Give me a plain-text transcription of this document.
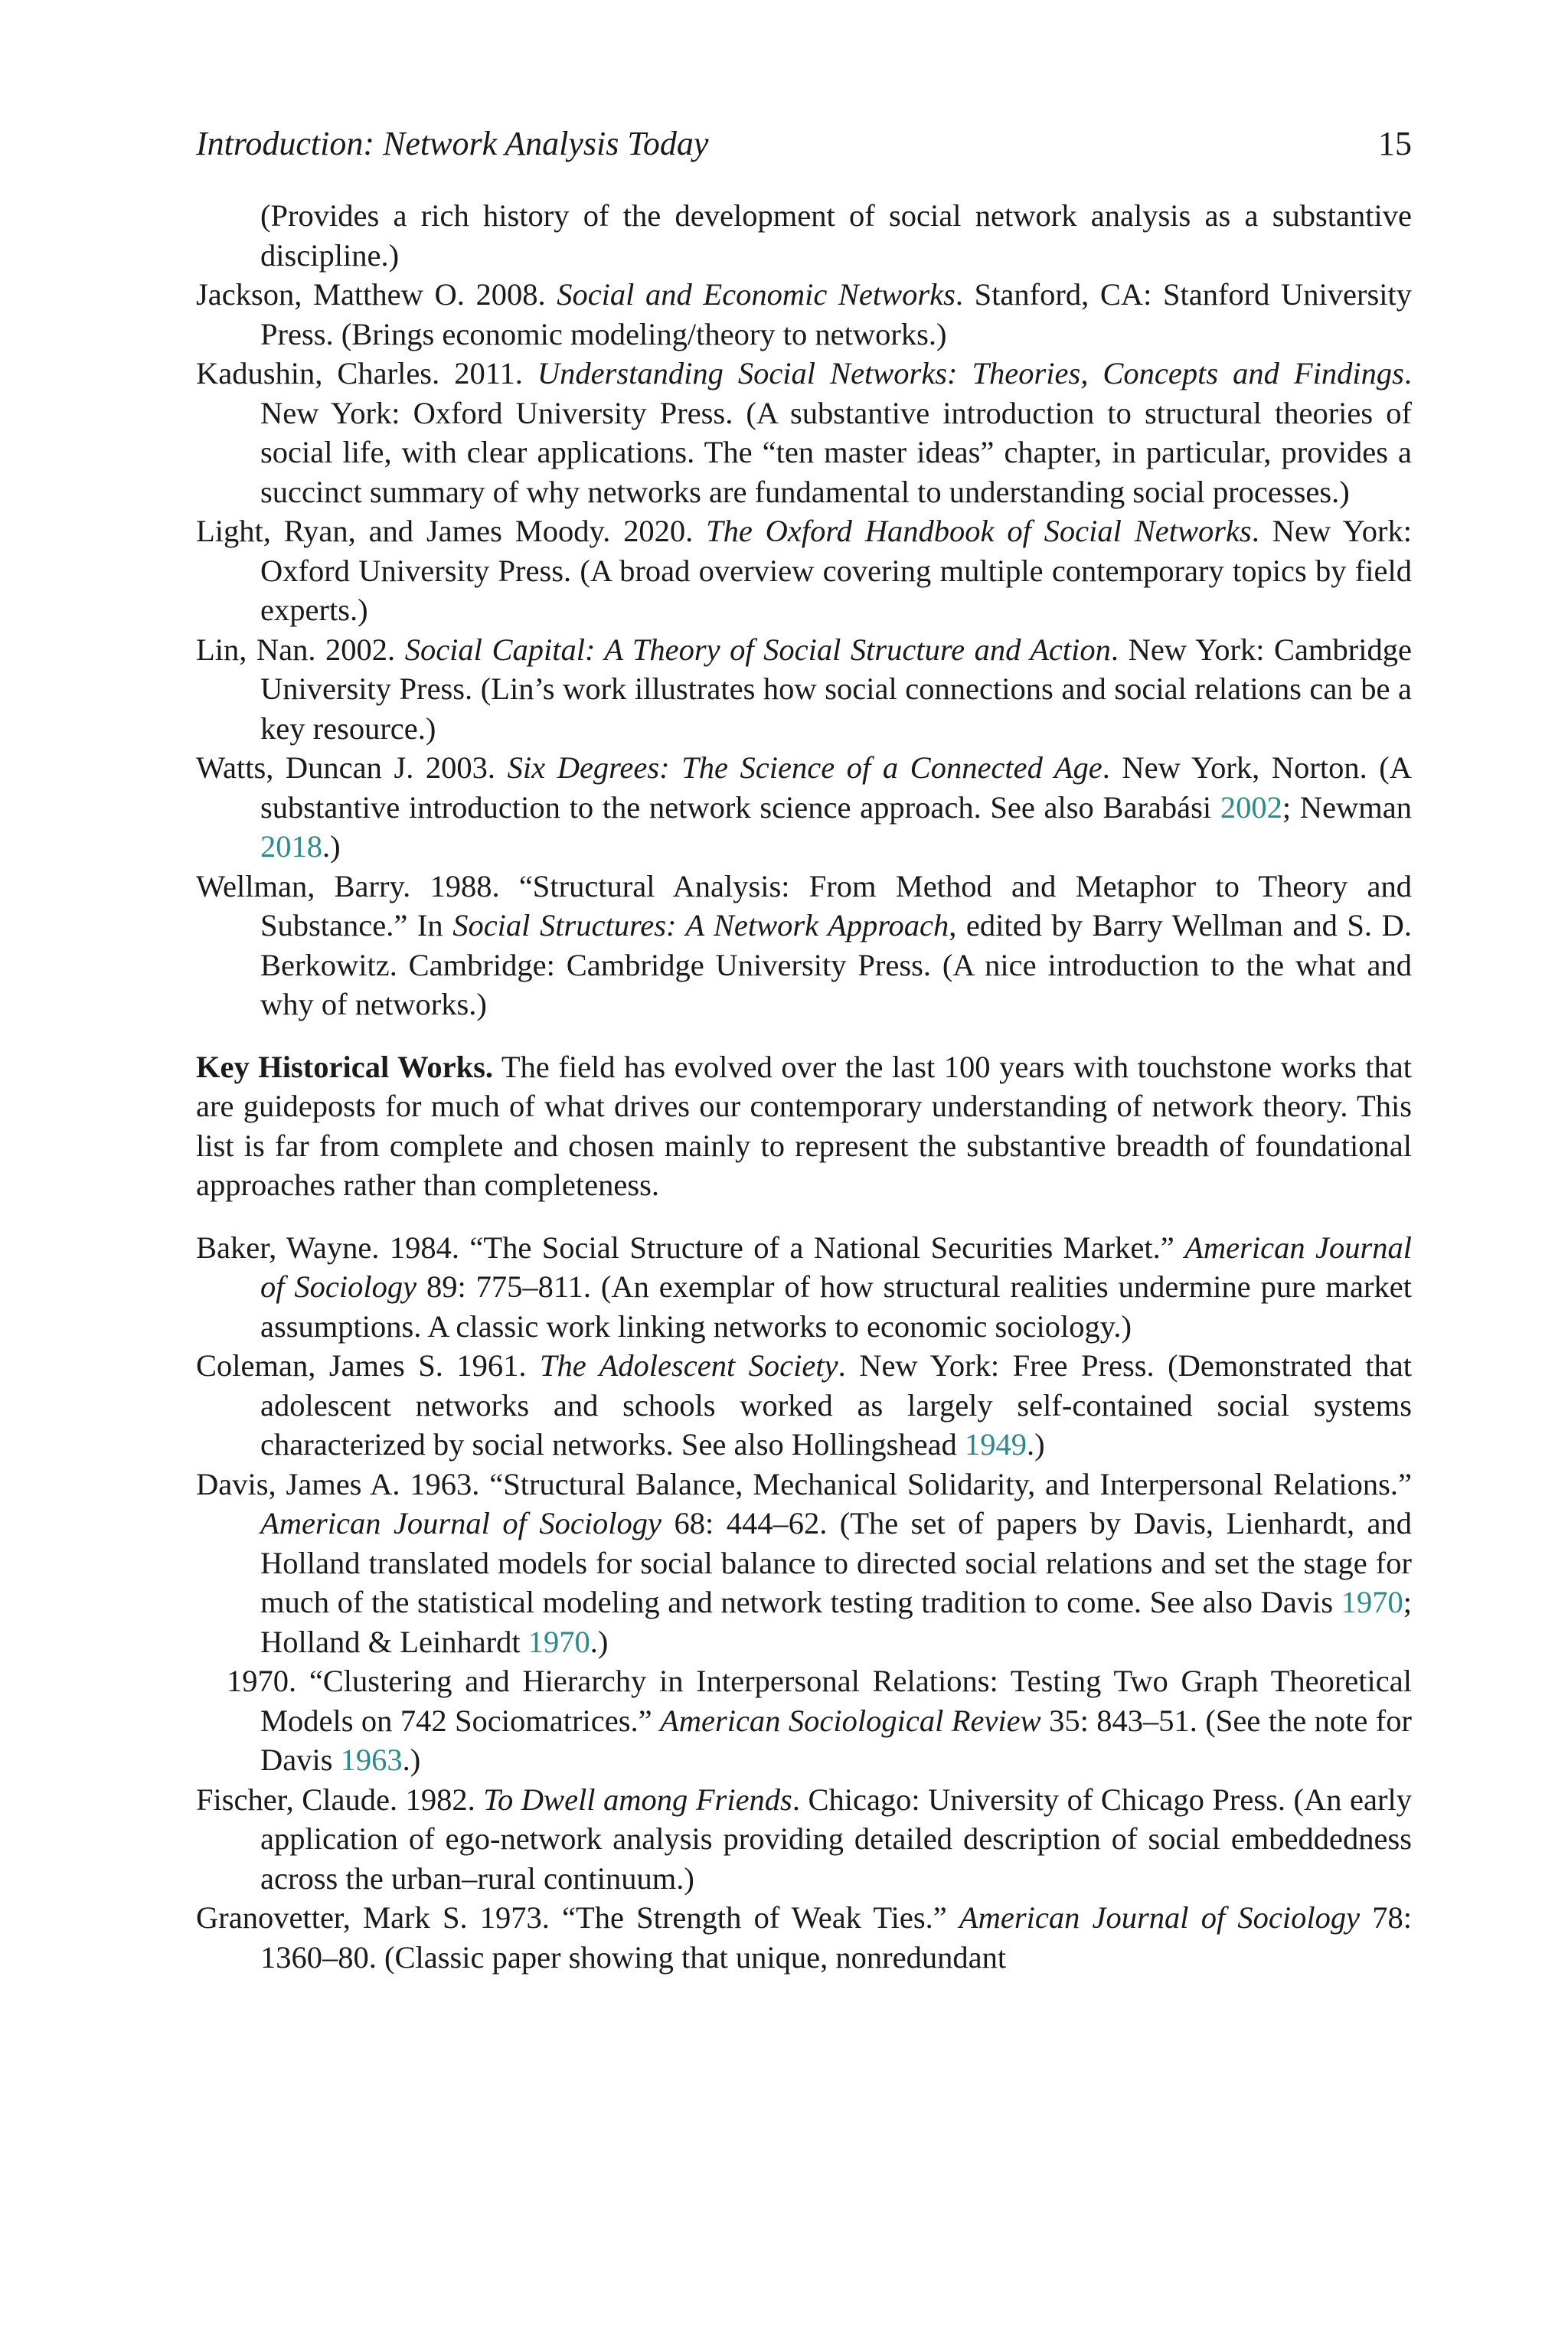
Introduction: Network Analysis Today	15

(Provides a rich history of the development of social network analysis as a substantive discipline.)

Jackson, Matthew O. 2008. Social and Economic Networks. Stanford, CA: Stanford University Press. (Brings economic modeling/theory to networks.)

Kadushin, Charles. 2011. Understanding Social Networks: Theories, Concepts and Findings. New York: Oxford University Press. (A substantive introduction to structural theories of social life, with clear applications. The “ten master ideas” chapter, in particular, provides a succinct summary of why networks are fundamental to understanding social processes.)

Light, Ryan, and James Moody. 2020. The Oxford Handbook of Social Networks. New York: Oxford University Press. (A broad overview covering multiple contemporary topics by field experts.)

Lin, Nan. 2002. Social Capital: A Theory of Social Structure and Action. New York: Cambridge University Press. (Lin’s work illustrates how social connections and social relations can be a key resource.)

Watts, Duncan J. 2003. Six Degrees: The Science of a Connected Age. New York, Norton. (A substantive introduction to the network science approach. See also Barabási 2002; Newman 2018.)

Wellman, Barry. 1988. “Structural Analysis: From Method and Metaphor to Theory and Substance.” In Social Structures: A Network Approach, edited by Barry Wellman and S. D. Berkowitz. Cambridge: Cambridge University Press. (A nice introduction to the what and why of networks.)

Key Historical Works. The field has evolved over the last 100 years with touchstone works that are guideposts for much of what drives our contemporary understanding of network theory. This list is far from complete and chosen mainly to represent the substantive breadth of foundational approaches rather than completeness.

Baker, Wayne. 1984. “The Social Structure of a National Securities Market.” American Journal of Sociology 89: 775–811. (An exemplar of how structural realities undermine pure market assumptions. A classic work linking networks to economic sociology.)

Coleman, James S. 1961. The Adolescent Society. New York: Free Press. (Demonstrated that adolescent networks and schools worked as largely self-contained social systems characterized by social networks. See also Hollingshead 1949.)

Davis, James A. 1963. “Structural Balance, Mechanical Solidarity, and Interpersonal Relations.” American Journal of Sociology 68: 444–62. (The set of papers by Davis, Lienhardt, and Holland translated models for social balance to directed social relations and set the stage for much of the statistical modeling and network testing tradition to come. See also Davis 1970; Holland & Leinhardt 1970.)

1970. “Clustering and Hierarchy in Interpersonal Relations: Testing Two Graph Theoretical Models on 742 Sociomatrices.” American Sociological Review 35: 843–51. (See the note for Davis 1963.)

Fischer, Claude. 1982. To Dwell among Friends. Chicago: University of Chicago Press. (An early application of ego-network analysis providing detailed description of social embeddedness across the urban–rural continuum.)

Granovetter, Mark S. 1973. “The Strength of Weak Ties.” American Journal of Sociology 78: 1360–80. (Classic paper showing that unique, nonredundant
